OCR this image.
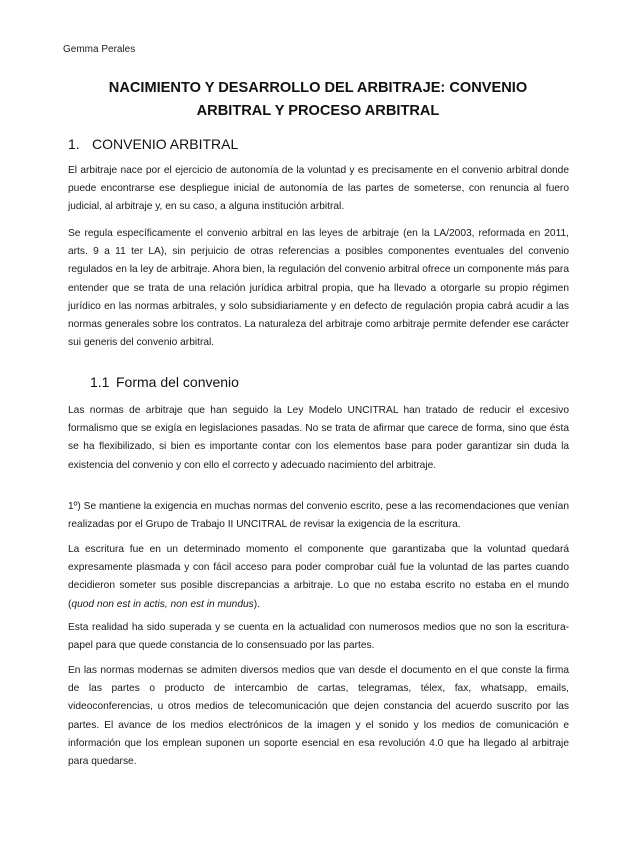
Gemma Perales
NACIMIENTO Y DESARROLLO DEL ARBITRAJE: CONVENIO ARBITRAL Y PROCESO ARBITRAL
1. CONVENIO ARBITRAL
El arbitraje nace por el ejercicio de autonomía de la voluntad y es precisamente en el convenio arbitral donde puede encontrarse ese despliegue inicial de autonomía de las partes de someterse, con renuncia al fuero judicial, al arbitraje y, en su caso, a alguna institución arbitral.
Se regula específicamente el convenio arbitral en las leyes de arbitraje (en la LA/2003, reformada en 2011, arts. 9 a 11 ter LA), sin perjuicio de otras referencias a posibles componentes eventuales del convenio regulados en la ley de arbitraje. Ahora bien, la regulación del convenio arbitral ofrece un componente más para entender que se trata de una relación jurídica arbitral propia, que ha llevado a otorgarle su propio régimen jurídico en las normas arbitrales, y solo subsidiariamente y en defecto de regulación propia cabrá acudir a las normas generales sobre los contratos. La naturaleza del arbitraje como arbitraje permite defender ese carácter sui generis del convenio arbitral.
1.1 Forma del convenio
Las normas de arbitraje que han seguido la Ley Modelo UNCITRAL han tratado de reducir el excesivo formalismo que se exigía en legislaciones pasadas. No se trata de afirmar que carece de forma, sino que ésta se ha flexibilizado, si bien es importante contar con los elementos base para poder garantizar sin duda la existencia del convenio y con ello el correcto y adecuado nacimiento del arbitraje.
1º) Se mantiene la exigencia en muchas normas del convenio escrito, pese a las recomendaciones que venían realizadas por el Grupo de Trabajo II UNCITRAL de revisar la exigencia de la escritura.
La escritura fue en un determinado momento el componente que garantizaba que la voluntad quedará expresamente plasmada y con fácil acceso para poder comprobar cuál fue la voluntad de las partes cuando decidieron someter sus posible discrepancias a arbitraje. Lo que no estaba escrito no estaba en el mundo (quod non est in actis, non est in mundus).
Esta realidad ha sido superada y se cuenta en la actualidad con numerosos medios que no son la escritura-papel para que quede constancia de lo consensuado por las partes.
En las normas modernas se admiten diversos medios que van desde el documento en el que conste la firma de las partes o producto de intercambio de cartas, telegramas, télex, fax, whatsapp, emails, videoconferencias, u otros medios de telecomunicación que dejen constancia del acuerdo suscrito por las partes. El avance de los medios electrónicos de la imagen y el sonido y los medios de comunicación e información que los emplean suponen un soporte esencial en esa revolución 4.0 que ha llegado al arbitraje para quedarse.
